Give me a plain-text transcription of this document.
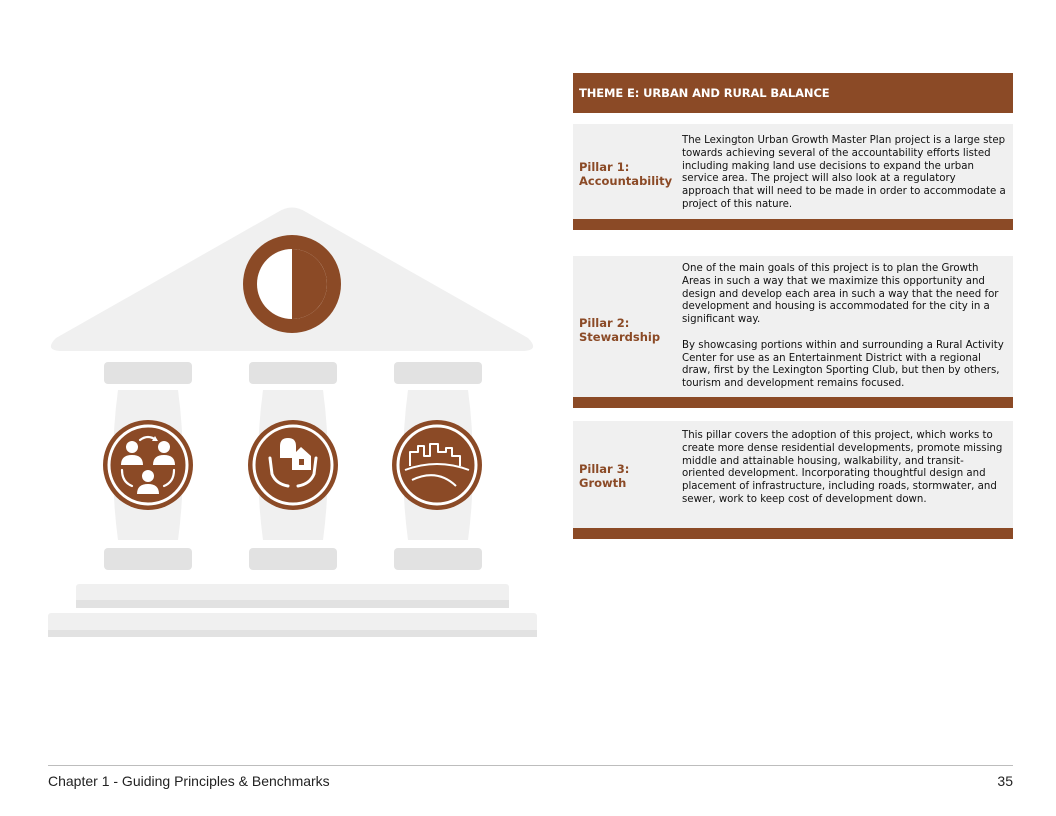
THEME E: URBAN AND RURAL BALANCE
Pillar 1:
Accountability

The Lexington Urban Growth Master Plan project is a large step towards achieving several of the accountability efforts listed including making land use decisions to expand the urban service area. The project will also look at a regulatory approach that will need to be made in order to accommodate a project of this nature.

Pillar 2:
Stewardship

One of the main goals of this project is to plan the Growth Areas in such a way that we maximize this opportunity and design and develop each area in such a way that the need for development and housing is accommodated for the city in a significant way.

By showcasing portions within and surrounding a Rural Activity Center for use as an Entertainment District with a regional draw, first by the Lexington Sporting Club, but then by others, tourism and development remains focused.

Pillar 3:
Growth

This pillar covers the adoption of this project, which works to create more dense residential developments, promote missing middle and attainable housing, walkability, and transit-oriented development. Incorporating thoughtful design and placement of infrastructure, including roads, stormwater, and sewer, work to keep cost of development down.

Chapter 1 - Guiding Principles & Benchmarks	35
